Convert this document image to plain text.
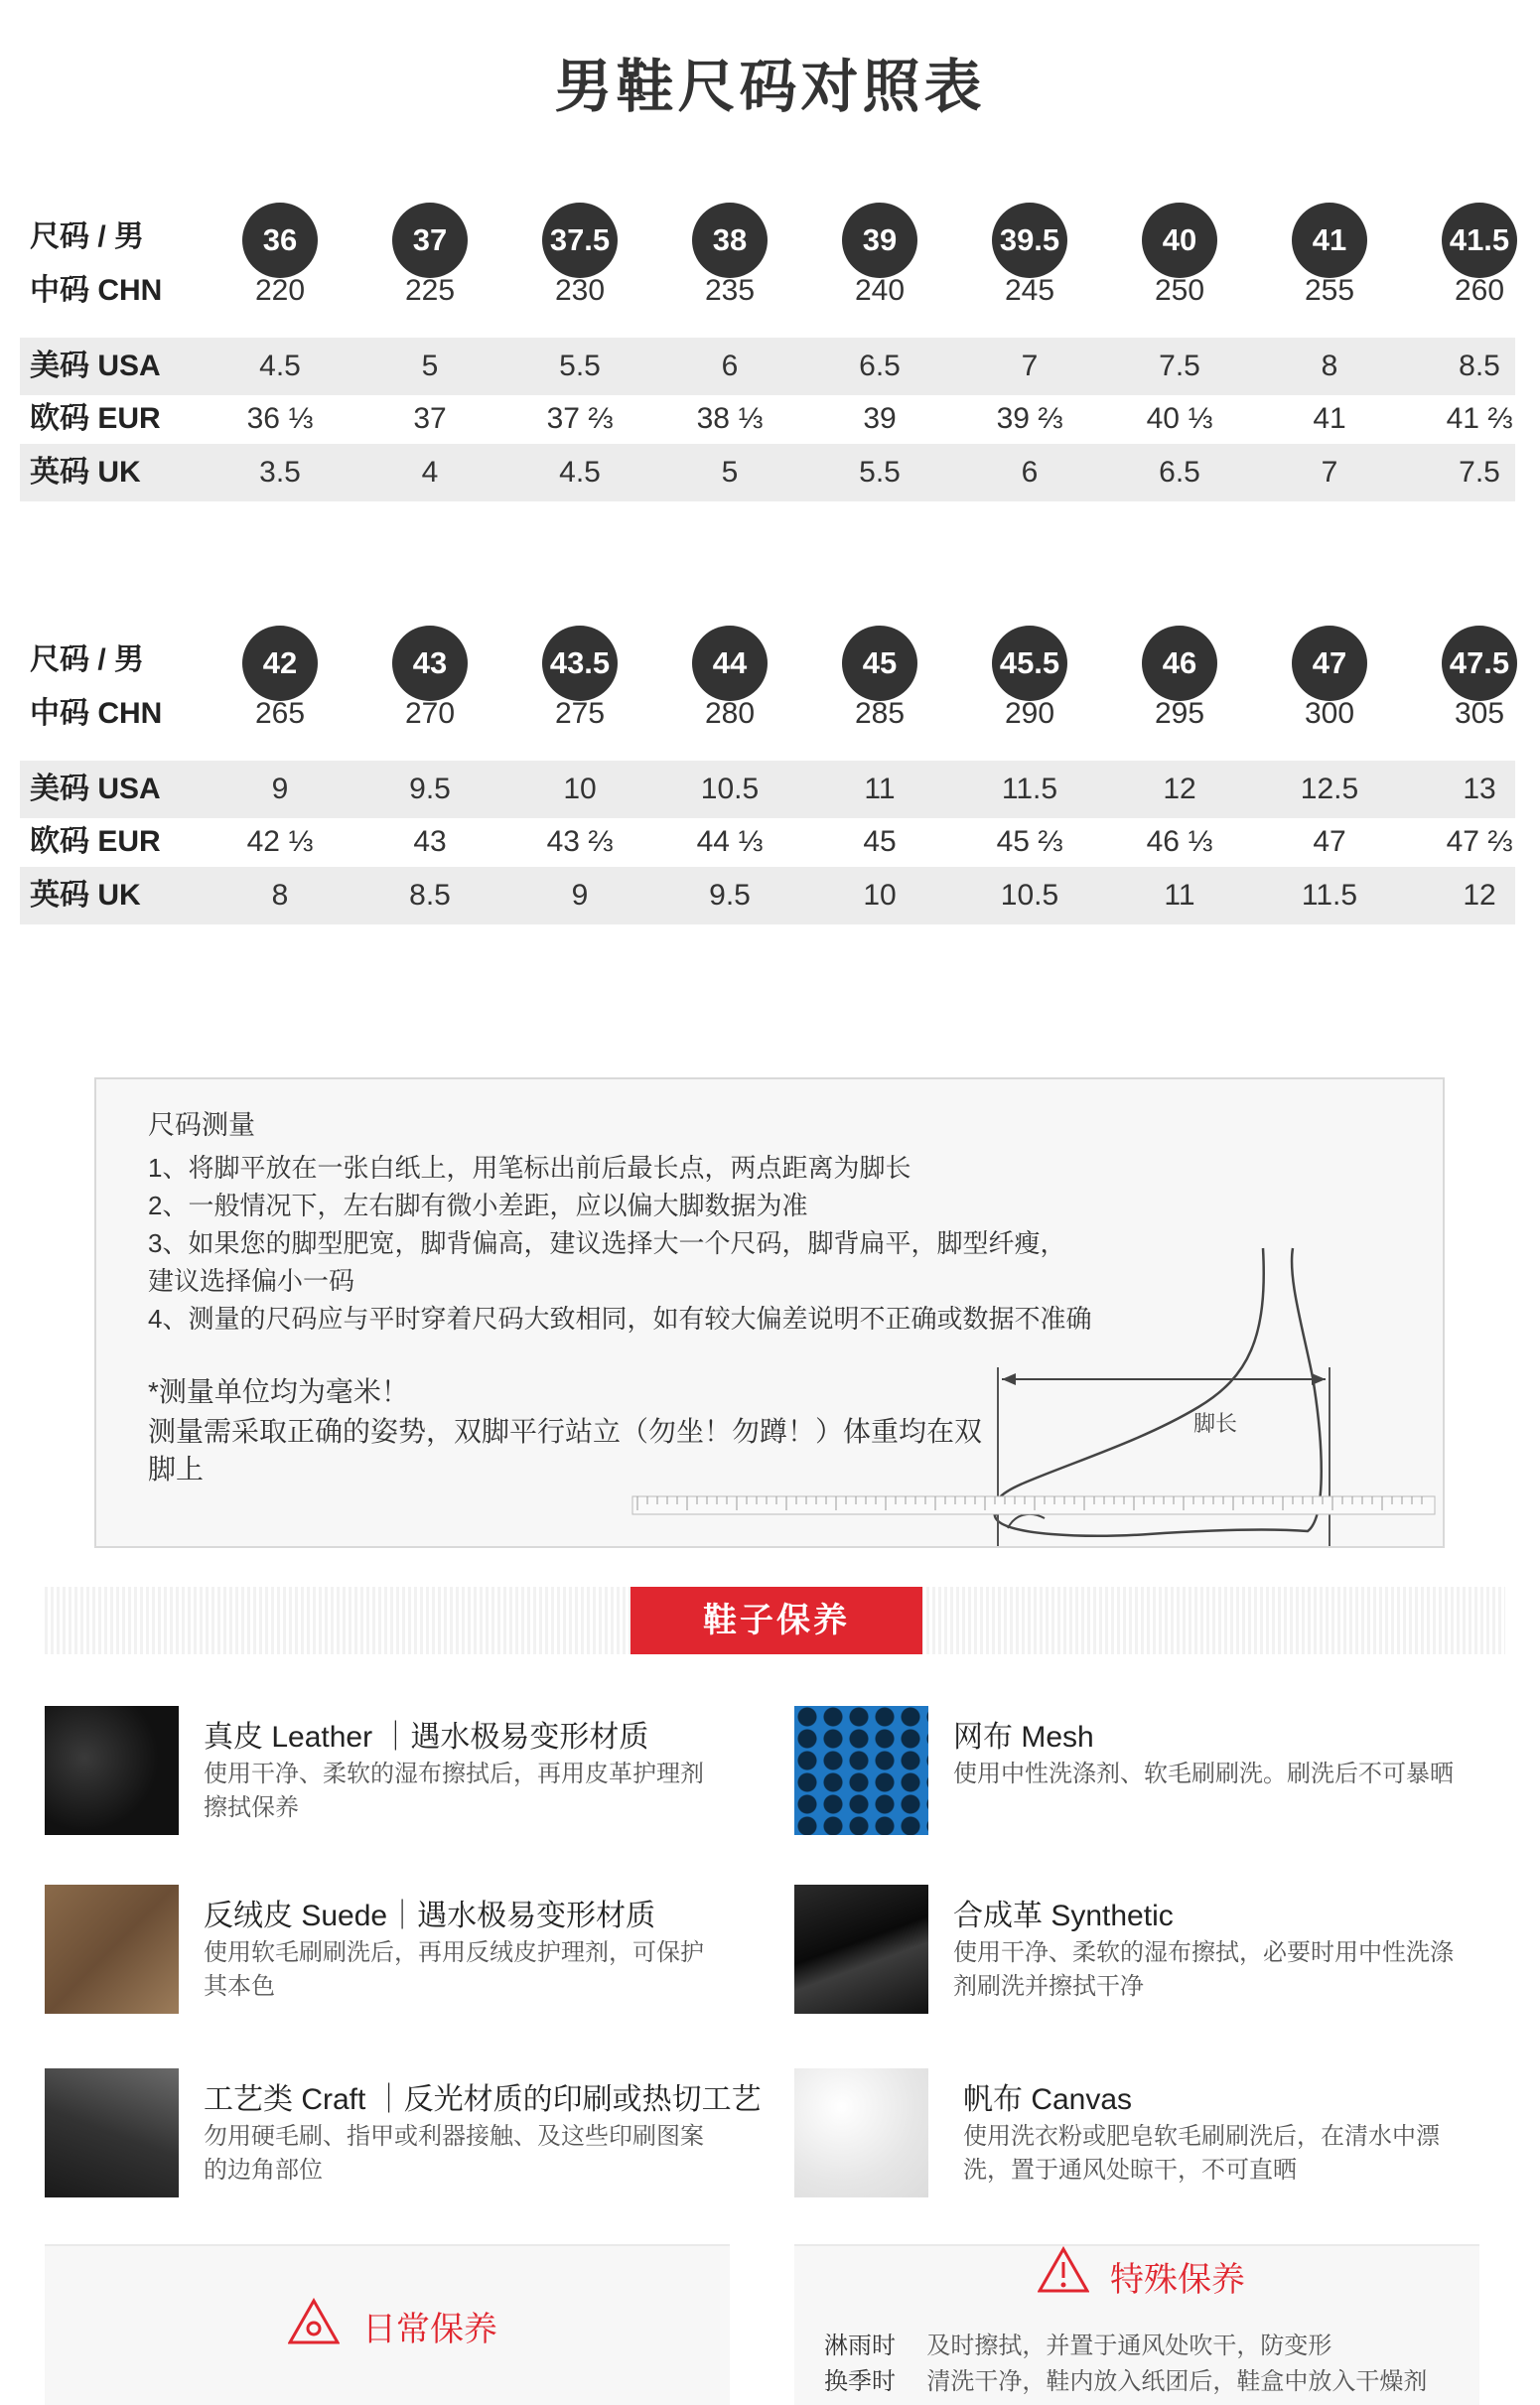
男鞋尺码对照表
尺码 / 男	36	37	37.5	38	39	39.5	40	41	41.5
中码 CHN	220	225	230	235	240	245	250	255	260
美码 USA	4.5	5	5.5	6	6.5	7	7.5	8	8.5
欧码 EUR	36 ⅓	37	37 ⅔	38 ⅓	39	39 ⅔	40 ⅓	41	41 ⅔
英码 UK	3.5	4	4.5	5	5.5	6	6.5	7	7.5
尺码 / 男	42	43	43.5	44	45	45.5	46	47	47.5
中码 CHN	265	270	275	280	285	290	295	300	305
美码 USA	9	9.5	10	10.5	11	11.5	12	12.5	13
欧码 EUR	42 ⅓	43	43 ⅔	44 ⅓	45	45 ⅔	46 ⅓	47	47 ⅔
英码 UK	8	8.5	9	9.5	10	10.5	11	11.5	12
尺码测量
1、将脚平放在一张白纸上，用笔标出前后最长点，两点距离为脚长
2、一般情况下，左右脚有微小差距，应以偏大脚数据为准
3、如果您的脚型肥宽，脚背偏高，建议选择大一个尺码，脚背扁平，脚型纤瘦，
建议选择偏小一码
4、测量的尺码应与平时穿着尺码大致相同，如有较大偏差说明不正确或数据不准确
*测量单位均为毫米！
测量需采取正确的姿势，双脚平行站立（勿坐！勿蹲！）体重均在双脚上
脚长
鞋子保养
真皮 Leather ｜遇水极易变形材质
使用干净、柔软的湿布擦拭后，再用皮革护理剂擦拭保养
网布 Mesh
使用中性洗涤剂、软毛刷刷洗。刷洗后不可暴晒
反绒皮 Suede｜遇水极易变形材质
使用软毛刷刷洗后，再用反绒皮护理剂，可保护其本色
合成革 Synthetic
使用干净、柔软的湿布擦拭，必要时用中性洗涤剂刷洗并擦拭干净
工艺类 Craft ｜反光材质的印刷或热切工艺
勿用硬毛刷、指甲或利器接触、及这些印刷图案的边角部位
帆布 Canvas
使用洗衣粉或肥皂软毛刷刷洗后，在清水中漂洗，置于通风处晾干，不可直晒
日常保养
特殊保养
淋雨时 及时擦拭，并置于通风处吹干，防变形
换季时 清洗干净，鞋内放入纸团后，鞋盒中放入干燥剂
